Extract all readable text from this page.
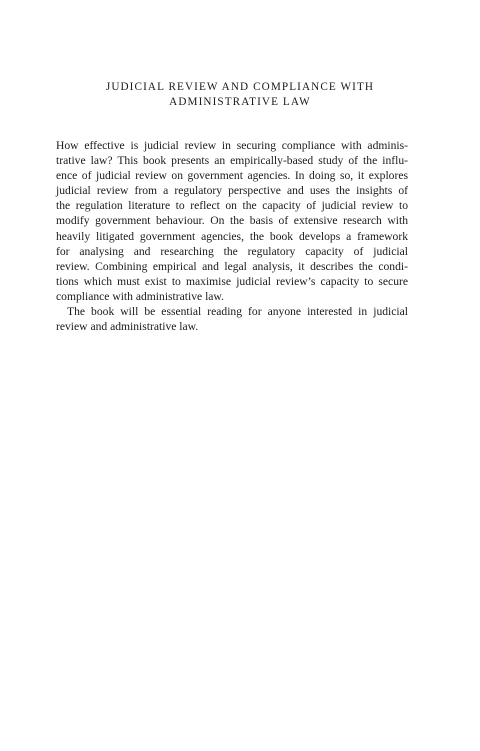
JUDICIAL REVIEW AND COMPLIANCE WITH
ADMINISTRATIVE LAW
How effective is judicial review in securing compliance with adminis-
trative law? This book presents an empirically-based study of the influ-
ence of judicial review on government agencies. In doing so, it explores
judicial review from a regulatory perspective and uses the insights of
the regulation literature to reflect on the capacity of judicial review to
modify government behaviour. On the basis of extensive research with
heavily litigated government agencies, the book develops a framework
for analysing and researching the regulatory capacity of judicial
review. Combining empirical and legal analysis, it describes the condi-
tions which must exist to maximise judicial review’s capacity to secure
compliance with administrative law.
The book will be essential reading for anyone interested in judicial
review and administrative law.
